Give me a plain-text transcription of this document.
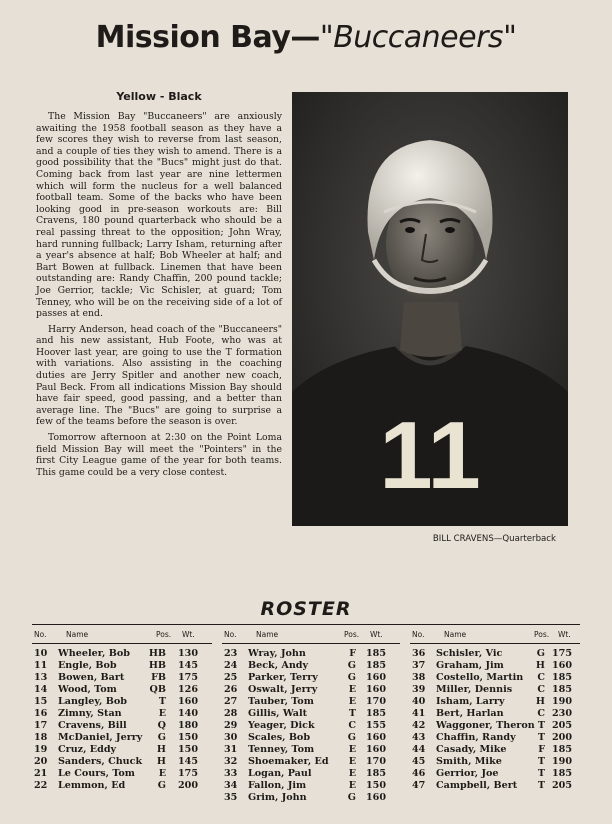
Mission Bay—"Buccaneers"
Yellow - Black

The Mission Bay "Buccaneers" are anxiously awaiting the 1958 football season as they have a few scores they wish to reverse from last season, and a couple of ties they wish to amend. There is a good possibility that the "Bucs" might just do that. Coming back from last year are nine lettermen which will form the nucleus for a well balanced football team. Some of the backs who have been looking good in pre-season workouts are: Bill Cravens, 180 pound quarterback who should be a real passing threat to the opposition; John Wray, hard running fullback; Larry Isham, returning after a year's absence at half; Bob Wheeler at half; and Bart Bowen at fullback. Linemen that have been outstanding are: Randy Chaffin, 200 pound tackle; Joe Gerrior, tackle; Vic Schisler, at guard; Tom Tenney, who will be on the receiving side of a lot of passes at end.

Harry Anderson, head coach of the "Buccaneers" and his new assistant, Hub Foote, who was at Hoover last year, are going to use the T formation with variations. Also assisting in the coaching duties are Jerry Spitler and another new coach, Paul Beck. From all indications Mission Bay should have fair speed, good passing, and a better than average line. The "Bucs" are going to surprise a few of the teams before the season is over.

Tomorrow afternoon at 2:30 on the Point Loma field Mission Bay will meet the "Pointers" in the first City League game of the year for both teams. This game could be a very close contest.	11
BILL CRAVENS—Quarterback
ROSTER
No.	Name	Pos. Wt.
10	Wheeler, Bob	HB 130
11	Engle, Bob	HB 145
13	Bowen, Bart	FB 175
14	Wood, Tom	QB 126
15	Langley, Bob	T 160
16	Zimny, Stan	E 140
17	Cravens, Bill	Q 180
18	McDaniel, Jerry	G 150
19	Cruz, Eddy	H 150
20	Sanders, Chuck	H 145
21	Le Cours, Tom	E 175
22	Lemmon, Ed	G 200
No.	Name	Pos. Wt.
23	Wray, John	F 185
24	Beck, Andy	G 185
25	Parker, Terry	G 160
26	Oswalt, Jerry	E 160
27	Tauber, Tom	E 170
28	Gillis, Walt	T 185
29	Yeager, Dick	C 155
30	Scales, Bob	G 160
31	Tenney, Tom	E 160
32	Shoemaker, Ed	E 170
33	Logan, Paul	E 185
34	Fallon, Jim	E 150
35	Grim, John	G 160
No.	Name	Pos. Wt.
36	Schisler, Vic	G 175
37	Graham, Jim	H 160
38	Costello, Martin	C 185
39	Miller, Dennis	C 185
40	Isham, Larry	H 190
41	Bert, Harlan	C 230
42	Waggoner, Theron T 205
43	Chaffin, Randy	T 200
44	Casady, Mike	F 185
45	Smith, Mike	T 190
46	Gerrior, Joe	T 185
47	Campbell, Bert	T 205
